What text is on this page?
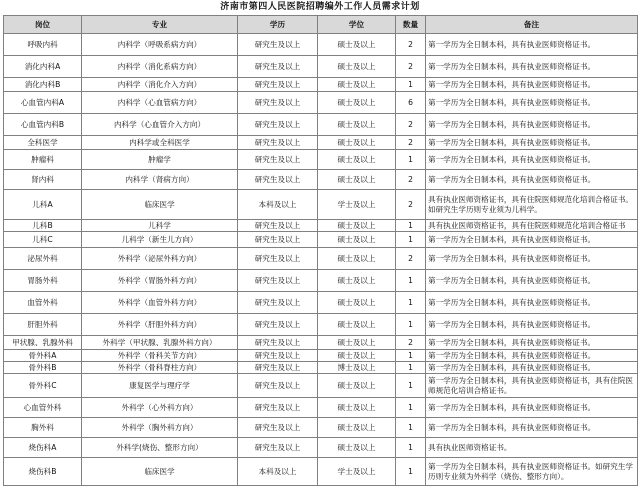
济南市第四人民医院招聘编外工作人员需求计划
岗位	专业	学历	学位	数量	备注
呼吸内科	内科学（呼吸系病方向）	研究生及以上	硕士及以上	2	第一学历为全日制本科，具有执业医师资格证书。
消化内科A	内科学（消化系病方向）	研究生及以上	硕士及以上	2	第一学历为全日制本科，具有执业医师资格证书。
消化内科B	内科学（消化介入方向）	研究生及以上	硕士及以上	1	第一学历为全日制本科，具有执业医师资格证书。
心血管内科A	内科学（心血管病方向）	研究生及以上	硕士及以上	6	第一学历为全日制本科，具有执业医师资格证书。
心血管内科B	内科学（心血管介入方向）	研究生及以上	硕士及以上	2	第一学历为全日制本科，具有执业医师资格证书。
全科医学	内科学或全科医学	研究生及以上	硕士及以上	2	第一学历为全日制本科，具有执业医师资格证书。
肿瘤科	肿瘤学	研究生及以上	硕士及以上	1	第一学历为全日制本科，具有执业医师资格证书。
肾内科	内科学（肾病方向）	研究生及以上	硕士及以上	2	第一学历为全日制本科，具有执业医师资格证书。
儿科A	临床医学	本科及以上	学士及以上	2	具有执业医师资格证书，具有住院医师规范化培训合格证书。如研究生学历则专业须为儿科学。
儿科B	儿科学	研究生及以上	硕士及以上	1	具有执业医师资格证书，具有住院医师规范化培训合格证书
儿科C	儿科学（新生儿方向）	研究生及以上	硕士及以上	1	第一学历为全日制本科，具有执业医师资格证书。
泌尿外科	外科学（泌尿外科方向）	研究生及以上	硕士及以上	2	第一学历为全日制本科，具有执业医师资格证书。
胃肠外科	外科学（胃肠外科方向）	研究生及以上	硕士及以上	1	第一学历为全日制本科，具有执业医师资格证书。
血管外科	外科学（血管外科方向）	研究生及以上	硕士及以上	1	第一学历为全日制本科，具有执业医师资格证书。
肝胆外科	外科学（肝胆外科方向）	研究生及以上	硕士及以上	1	第一学历为全日制本科，具有执业医师资格证书。
甲状腺、乳腺外科	外科学（甲状腺、乳腺外科方向）	研究生及以上	硕士及以上	2	第一学历为全日制本科，具有执业医师资格证书。
骨外科A	外科学（骨科关节方向）	研究生及以上	硕士及以上	1	第一学历为全日制本科，具有执业医师资格证书。
骨外科B	外科学（骨科脊柱方向）	研究生及以上	博士及以上	1	第一学历为全日制本科，具有执业医师资格证书。
骨外科C	康复医学与理疗学	研究生及以上	硕士及以上	1	第一学历为全日制本科，具有执业医师资格证书，具有住院医师规范化培训合格证书。
心血管外科	外科学（心外科方向）	研究生及以上	硕士及以上	1	第一学历为全日制本科，具有执业医师资格证书。
胸外科	外科学（胸外科方向）	研究生及以上	硕士及以上	1	第一学历为全日制本科，具有执业医师资格证书。
烧伤科A	外科学(烧伤、整形方向）	研究生及以上	硕士及以上	1	具有执业医师资格证书。
烧伤科B	临床医学	本科及以上	学士及以上	1	第一学历为全日制本科，具有执业医师资格证书。如研究生学历则专业须为外科学（烧伤、整形方向）。
